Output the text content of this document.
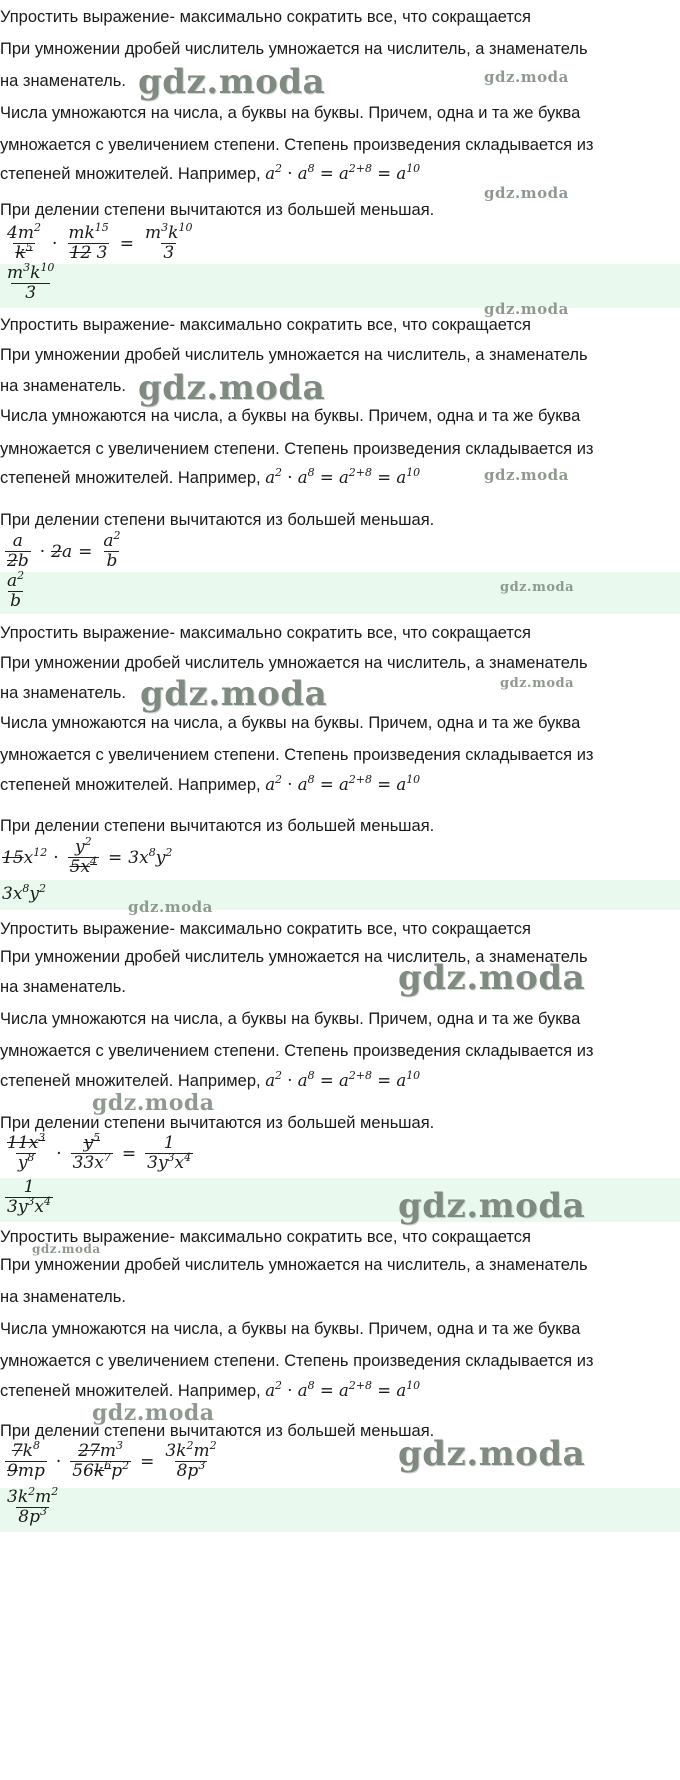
Упростить выражение- максимально сократить все, что сокращается

При умножении дробей числитель умножается на числитель, а знаменатель

на знаменатель.

Числа умножаются на числа, а буквы на буквы. Причем, одна и та же буква

умножается с увеличением степени. Степень произведения складывается из

степеней множителей. Например, $a^2 \cdot a^8 = a^{2+8} = a^{10}$

При делении степени вычитаются из большей меньшая.

$\frac{4m^2}{k^5} \cdot \frac{mk^{15}}{12 3} = \frac{m^3k^{10}}{3}$
$\frac{m^3k^{10}}{3}$

Упростить выражение- максимально сократить все, что сокращается

При умножении дробей числитель умножается на числитель, а знаменатель

на знаменатель.

Числа умножаются на числа, а буквы на буквы. Причем, одна и та же буква

умножается с увеличением степени. Степень произведения складывается из

степеней множителей. Например, $a^2 \cdot a^8 = a^{2+8} = a^{10}$

При делении степени вычитаются из большей меньшая.

$\frac{a}{2b} \cdot 2a = \frac{a^2}{b}$
$\frac{a^2}{b}$

Упростить выражение- максимально сократить все, что сокращается

При умножении дробей числитель умножается на числитель, а знаменатель

на знаменатель.

Числа умножаются на числа, а буквы на буквы. Причем, одна и та же буква

умножается с увеличением степени. Степень произведения складывается из

степеней множителей. Например, $a^2 \cdot a^8 = a^{2+8} = a^{10}$

При делении степени вычитаются из большей меньшая.

$15x^{12} \cdot \frac{y^2}{5x^4} = 3x^8y^2$
$3x^8y^2$

Упростить выражение- максимально сократить все, что сокращается

При умножении дробей числитель умножается на числитель, а знаменатель

на знаменатель.

Числа умножаются на числа, а буквы на буквы. Причем, одна и та же буква

умножается с увеличением степени. Степень произведения складывается из

степеней множителей. Например, $a^2 \cdot a^8 = a^{2+8} = a^{10}$

При делении степени вычитаются из большей меньшая.

$\frac{11x^3}{y^8} \cdot \frac{y^5}{33x^7} = \frac{1}{3y^3x^4}$
$\frac{1}{3y^3x^4}$

Упростить выражение- максимально сократить все, что сокращается

При умножении дробей числитель умножается на числитель, а знаменатель

на знаменатель.

Числа умножаются на числа, а буквы на буквы. Причем, одна и та же буква

умножается с увеличением степени. Степень произведения складывается из

степеней множителей. Например, $a^2 \cdot a^8 = a^{2+8} = a^{10}$

При делении степени вычитаются из большей меньшая.

$\frac{7k^8}{9mp} \cdot \frac{27m^3}{56k^6p^2} = \frac{3k^2m^2}{8p^3}$
$\frac{3k^2m^2}{8p^3}$
gdz.moda	gdz.moda
gdz.moda
gdz.moda
gdz.moda
gdz.moda
gdz.moda
gdz.moda	gdz.moda
gdz.moda
gdz.moda
gdz.moda
gdz.moda
gdz.moda
gdz.moda
gdz.moda
